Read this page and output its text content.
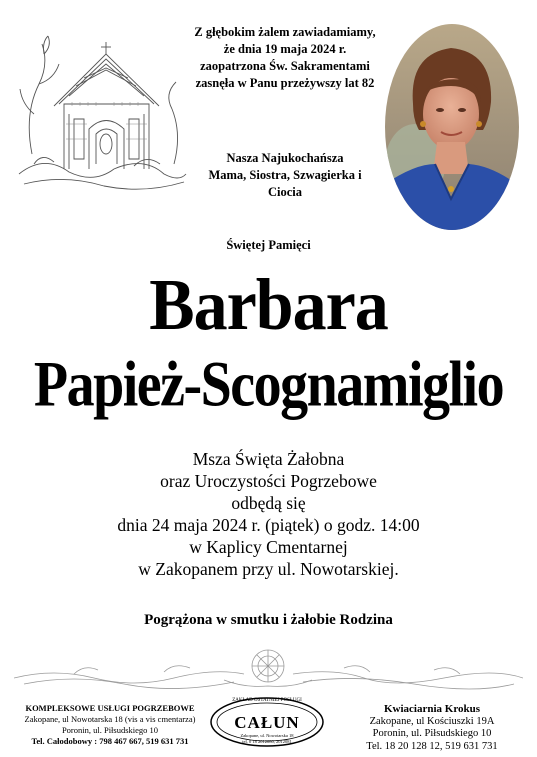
Z głębokim żalem zawiadamiamy,
że dnia 19 maja 2024 r.
zaopatrzona Św. Sakramentami
zasnęła w Panu przeżywszy lat 82
Nasza Najukochańsza
Mama, Siostra, Szwagierka i Ciocia
Świętej Pamięci
Barbara
Papież-Scognamiglio
Msza Święta Żałobna
oraz Uroczystości Pogrzebowe
odbędą się
dnia 24 maja 2024 r. (piątek) o godz. 14:00
w Kaplicy Cmentarnej
w Zakopanem przy ul. Nowotarskiej.
Pogrążona w smutku i żałobie Rodzina
KOMPLEKSOWE USŁUGI POGRZEBOWE
Zakopane, ul Nowotarska 18 (vis a vis cmentarza)
Poronin, ul. Piłsudskiego 10
Tel. Całodobowy : 798 467 667, 519 631 731
ZAKŁAD OSTATNIEJ POSŁUGI
CAŁUN
Zakopane, ul. Nowotarska 18
tel. 0 18 2012080, 2012081
Kwiaciarnia Krokus
Zakopane, ul Kościuszki 19A
Poronin, ul. Piłsudskiego 10
Tel. 18 20 128 12, 519 631 731
